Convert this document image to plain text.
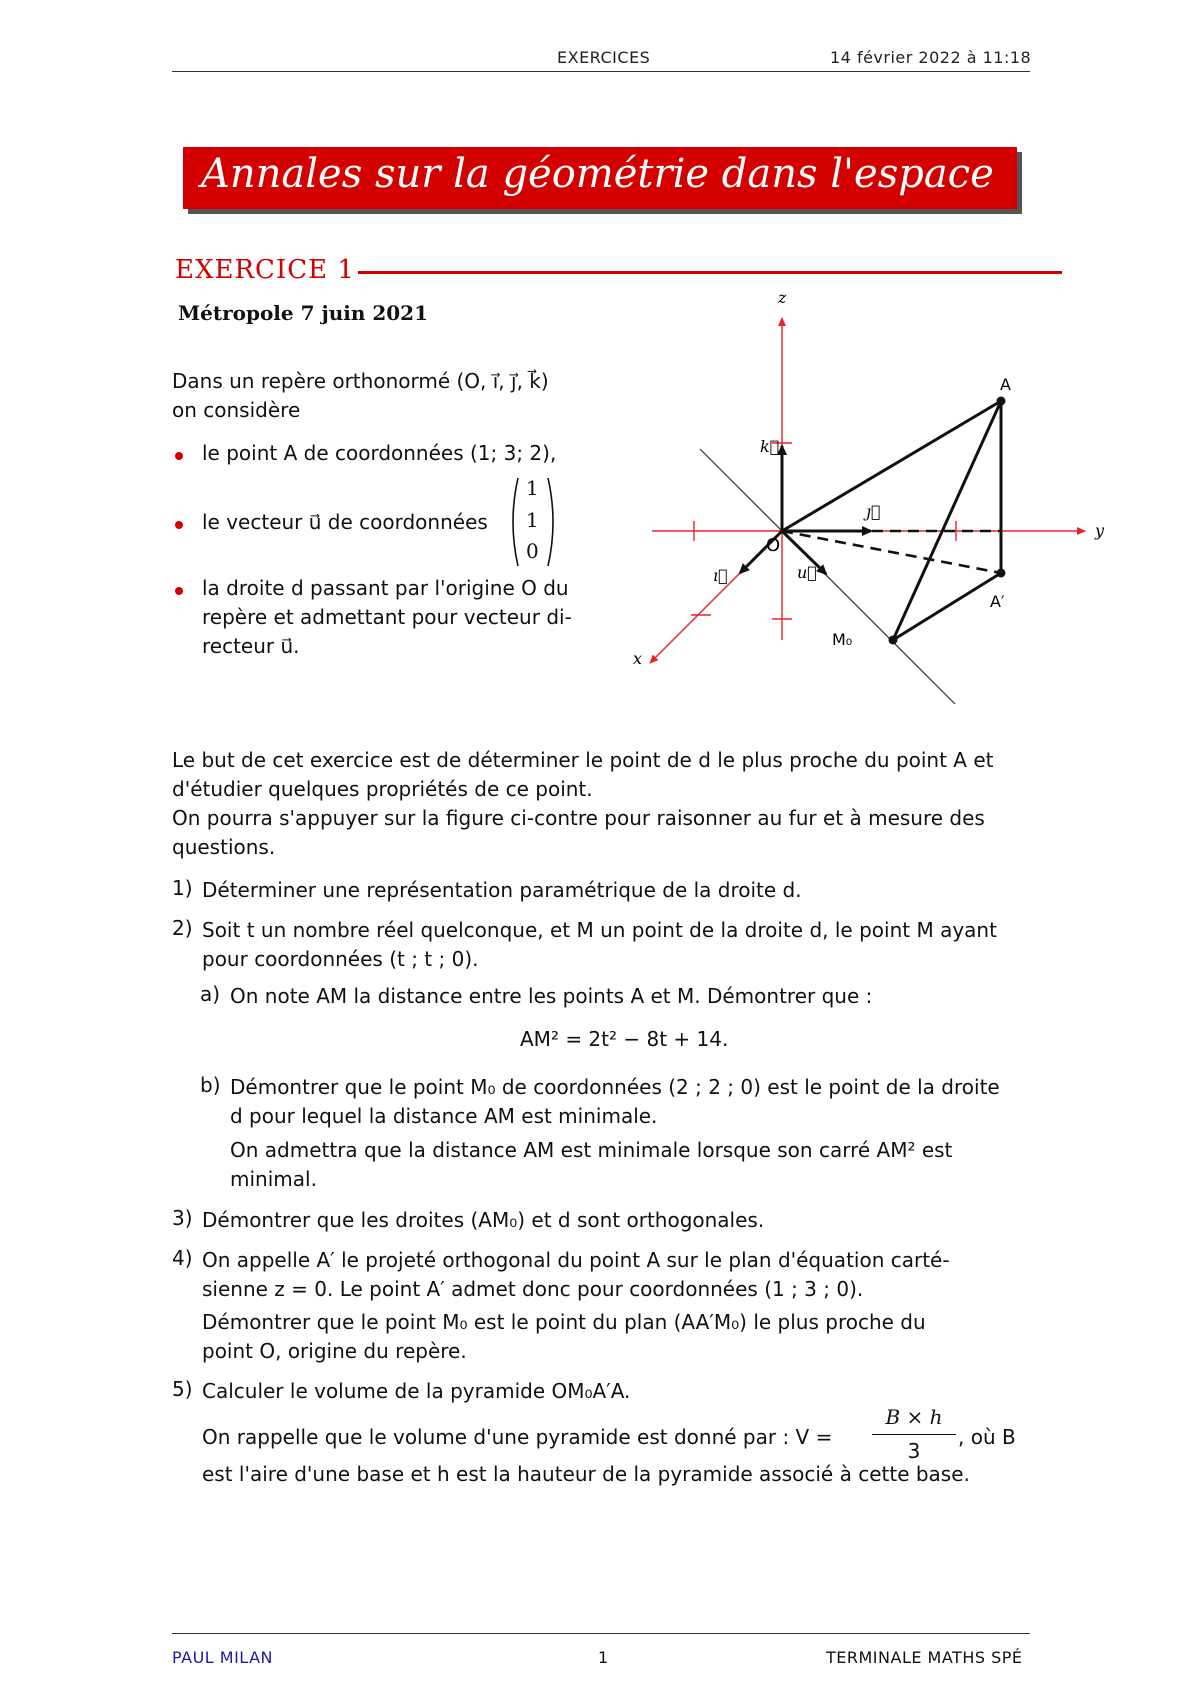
EXERCICES	14 février 2022 à 11:18
Annales sur la géométrie dans l'espace
EXERCICE 1
Métropole 7 juin 2021
Dans un repère orthonormé (O, ı⃗, ȷ⃗, k⃗)
on considère
le point A de coordonnées (1; 3; 2),
le vecteur u⃗ de coordonnées
1
1
0
la droite d passant par l'origine O du
repère et admettant pour vecteur di-
recteur u⃗.
z
y
x
O
A
A′
M₀
k⃗
ȷ⃗
ı⃗	u⃗
Le but de cet exercice est de déterminer le point de d le plus proche du point A et
d'étudier quelques propriétés de ce point.
On pourra s'appuyer sur la figure ci-contre pour raisonner au fur et à mesure des
questions.
1) Déterminer une représentation paramétrique de la droite d.
2) Soit t un nombre réel quelconque, et M un point de la droite d, le point M ayant
pour coordonnées (t ; t ; 0).
a) On note AM la distance entre les points A et M. Démontrer que :
AM² = 2t² − 8t + 14.
b) Démontrer que le point M₀ de coordonnées (2 ; 2 ; 0) est le point de la droite
d pour lequel la distance AM est minimale.
On admettra que la distance AM est minimale lorsque son carré AM² est
minimal.
3) Démontrer que les droites (AM₀) et d sont orthogonales.
4) On appelle A′ le projeté orthogonal du point A sur le plan d'équation carté-
sienne z = 0. Le point A′ admet donc pour coordonnées (1 ; 3 ; 0).
Démontrer que le point M₀ est le point du plan (AA′M₀) le plus proche du
point O, origine du repère.
5) Calculer le volume de la pyramide OM₀A′A.
On rappelle que le volume d'une pyramide est donné par : V =
B × h
3
, où B
est l'aire d'une base et h est la hauteur de la pyramide associé à cette base.
PAUL MILAN	1	TERMINALE MATHS SPÉ
